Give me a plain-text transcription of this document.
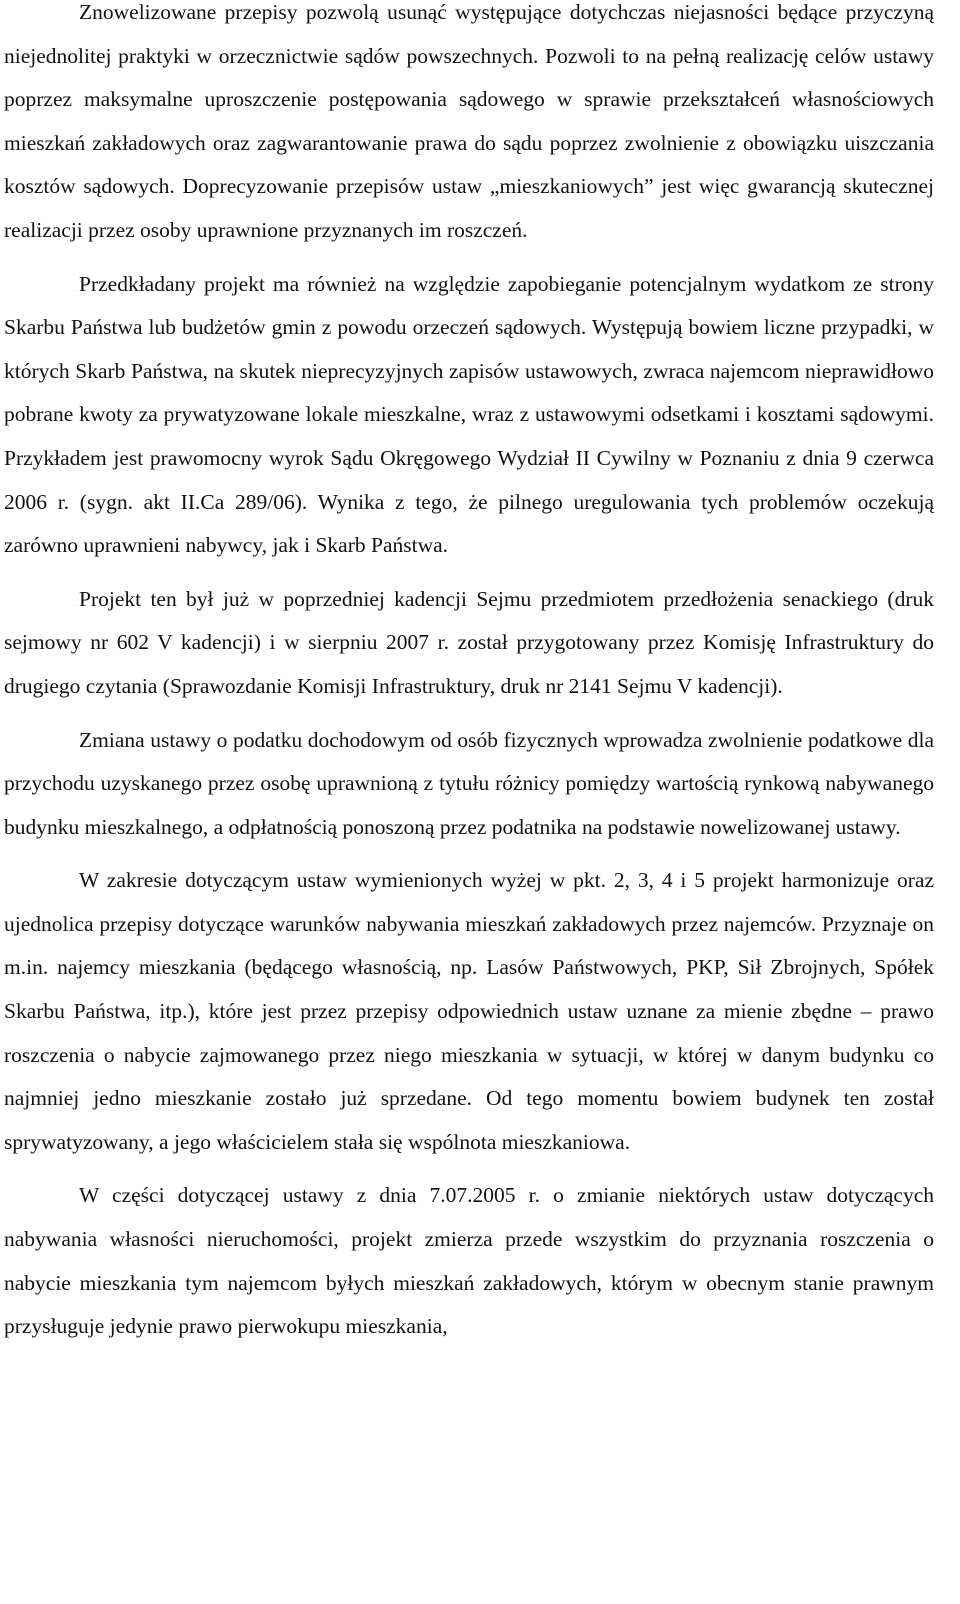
Znowelizowane przepisy pozwolą usunąć występujące dotychczas niejasności będące przyczyną niejednolitej praktyki w orzecznictwie sądów powszechnych. Pozwoli to na pełną realizację celów ustawy poprzez maksymalne uproszczenie postępowania sądowego w sprawie przekształceń własnościowych mieszkań zakładowych oraz zagwarantowanie prawa do sądu poprzez zwolnienie z obowiązku uiszczania kosztów sądowych. Doprecyzowanie przepisów ustaw „mieszkaniowych” jest więc gwarancją skutecznej realizacji przez osoby uprawnione przyznanych im roszczeń.

Przedkładany projekt ma również na względzie zapobieganie potencjalnym wydatkom ze strony Skarbu Państwa lub budżetów gmin z powodu orzeczeń sądowych. Występują bowiem liczne przypadki, w których Skarb Państwa, na skutek nieprecyzyjnych zapisów ustawowych, zwraca najemcom nieprawidłowo pobrane kwoty za prywatyzowane lokale mieszkalne, wraz z ustawowymi odsetkami i kosztami sądowymi. Przykładem jest prawomocny wyrok Sądu Okręgowego Wydział II Cywilny w Poznaniu z dnia 9 czerwca 2006 r. (sygn. akt II.Ca 289/06). Wynika z tego, że pilnego uregulowania tych problemów oczekują zarówno uprawnieni nabywcy, jak i Skarb Państwa.

Projekt ten był już w poprzedniej kadencji Sejmu przedmiotem przedłożenia senackiego (druk sejmowy nr 602 V kadencji) i w sierpniu 2007 r. został przygotowany przez Komisję Infrastruktury do drugiego czytania (Sprawozdanie Komisji Infrastruktury, druk nr 2141 Sejmu V kadencji).

Zmiana ustawy o podatku dochodowym od osób fizycznych wprowadza zwolnienie podatkowe dla przychodu uzyskanego przez osobę uprawnioną z tytułu różnicy pomiędzy wartością rynkową nabywanego budynku mieszkalnego, a odpłatnością ponoszoną przez podatnika na podstawie nowelizowanej ustawy.

W zakresie dotyczącym ustaw wymienionych wyżej w pkt. 2, 3, 4 i 5 projekt harmonizuje oraz ujednolica przepisy dotyczące warunków nabywania mieszkań zakładowych przez najemców. Przyznaje on m.in. najemcy mieszkania (będącego własnością, np. Lasów Państwowych, PKP, Sił Zbrojnych, Spółek Skarbu Państwa, itp.), które jest przez przepisy odpowiednich ustaw uznane za mienie zbędne – prawo roszczenia o nabycie zajmowanego przez niego mieszkania w sytuacji, w której w danym budynku co najmniej jedno mieszkanie zostało już sprzedane. Od tego momentu bowiem budynek ten został sprywatyzowany, a jego właścicielem stała się wspólnota mieszkaniowa.

W części dotyczącej ustawy z dnia 7.07.2005 r. o zmianie niektórych ustaw dotyczących nabywania własności nieruchomości, projekt zmierza przede wszystkim do przyznania roszczenia o nabycie mieszkania tym najemcom byłych mieszkań zakładowych, którym w obecnym stanie prawnym przysługuje jedynie prawo pierwokupu mieszkania,
